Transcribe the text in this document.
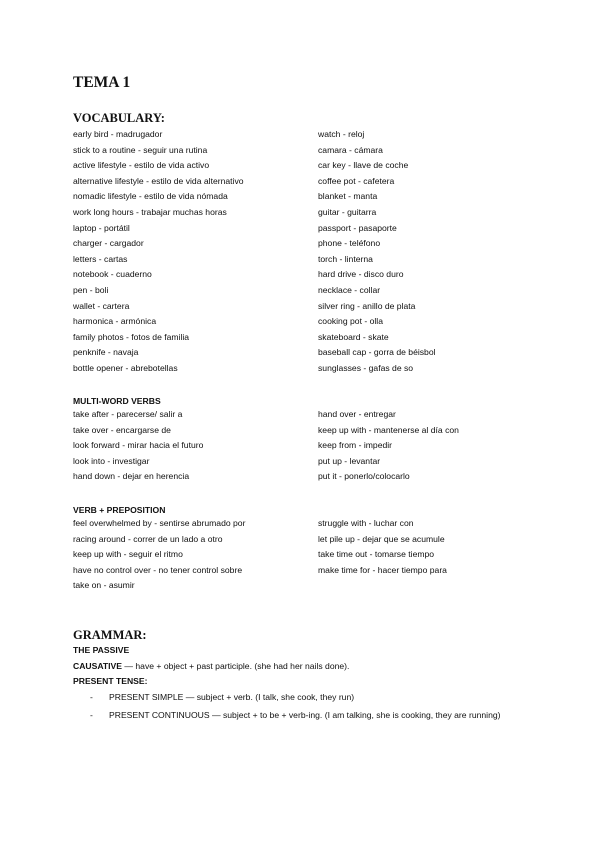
TEMA 1
VOCABULARY:
early bird - madrugador
stick to a routine - seguir una rutina
active lifestyle - estilo de vida activo
alternative lifestyle - estilo de vida alternativo
nomadic lifestyle - estilo de vida nómada
work long hours - trabajar muchas horas
laptop - portátil
charger - cargador
letters - cartas
notebook - cuaderno
pen - boli
wallet - cartera
harmonica - armónica
family photos - fotos de familia
penknife - navaja
bottle opener - abrebotellas
watch - reloj
camara - cámara
car key - llave de coche
coffee pot - cafetera
blanket - manta
guitar - guitarra
passport - pasaporte
phone - teléfono
torch - linterna
hard drive - disco duro
necklace - collar
silver ring - anillo de plata
cooking pot - olla
skateboard - skate
baseball cap - gorra de béisbol
sunglasses - gafas de so
MULTI-WORD VERBS
take after - parecerse/ salir a
take over - encargarse de
look forward - mirar hacia el futuro
look into - investigar
hand down - dejar en herencia
hand over - entregar
keep up with - mantenerse al día con
keep from - impedir
put up - levantar
put it - ponerlo/colocarlo
VERB + PREPOSITION
feel overwhelmed by - sentirse abrumado por
racing around - correr de un lado a otro
keep up with - seguir el ritmo
have no control over - no tener control sobre
take on - asumir
struggle with - luchar con
let pile up - dejar que se acumule
take time out - tomarse tiempo
make time for - hacer tiempo para
GRAMMAR:

THE PASSIVE

CAUSATIVE — have + object + past participle. (she had her nails done).

PRESENT TENSE:

- PRESENT SIMPLE — subject + verb. (I talk, she cook, they run)
- PRESENT CONTINUOUS — subject + to be + verb-ing. (I am talking, she is cooking, they are running)
